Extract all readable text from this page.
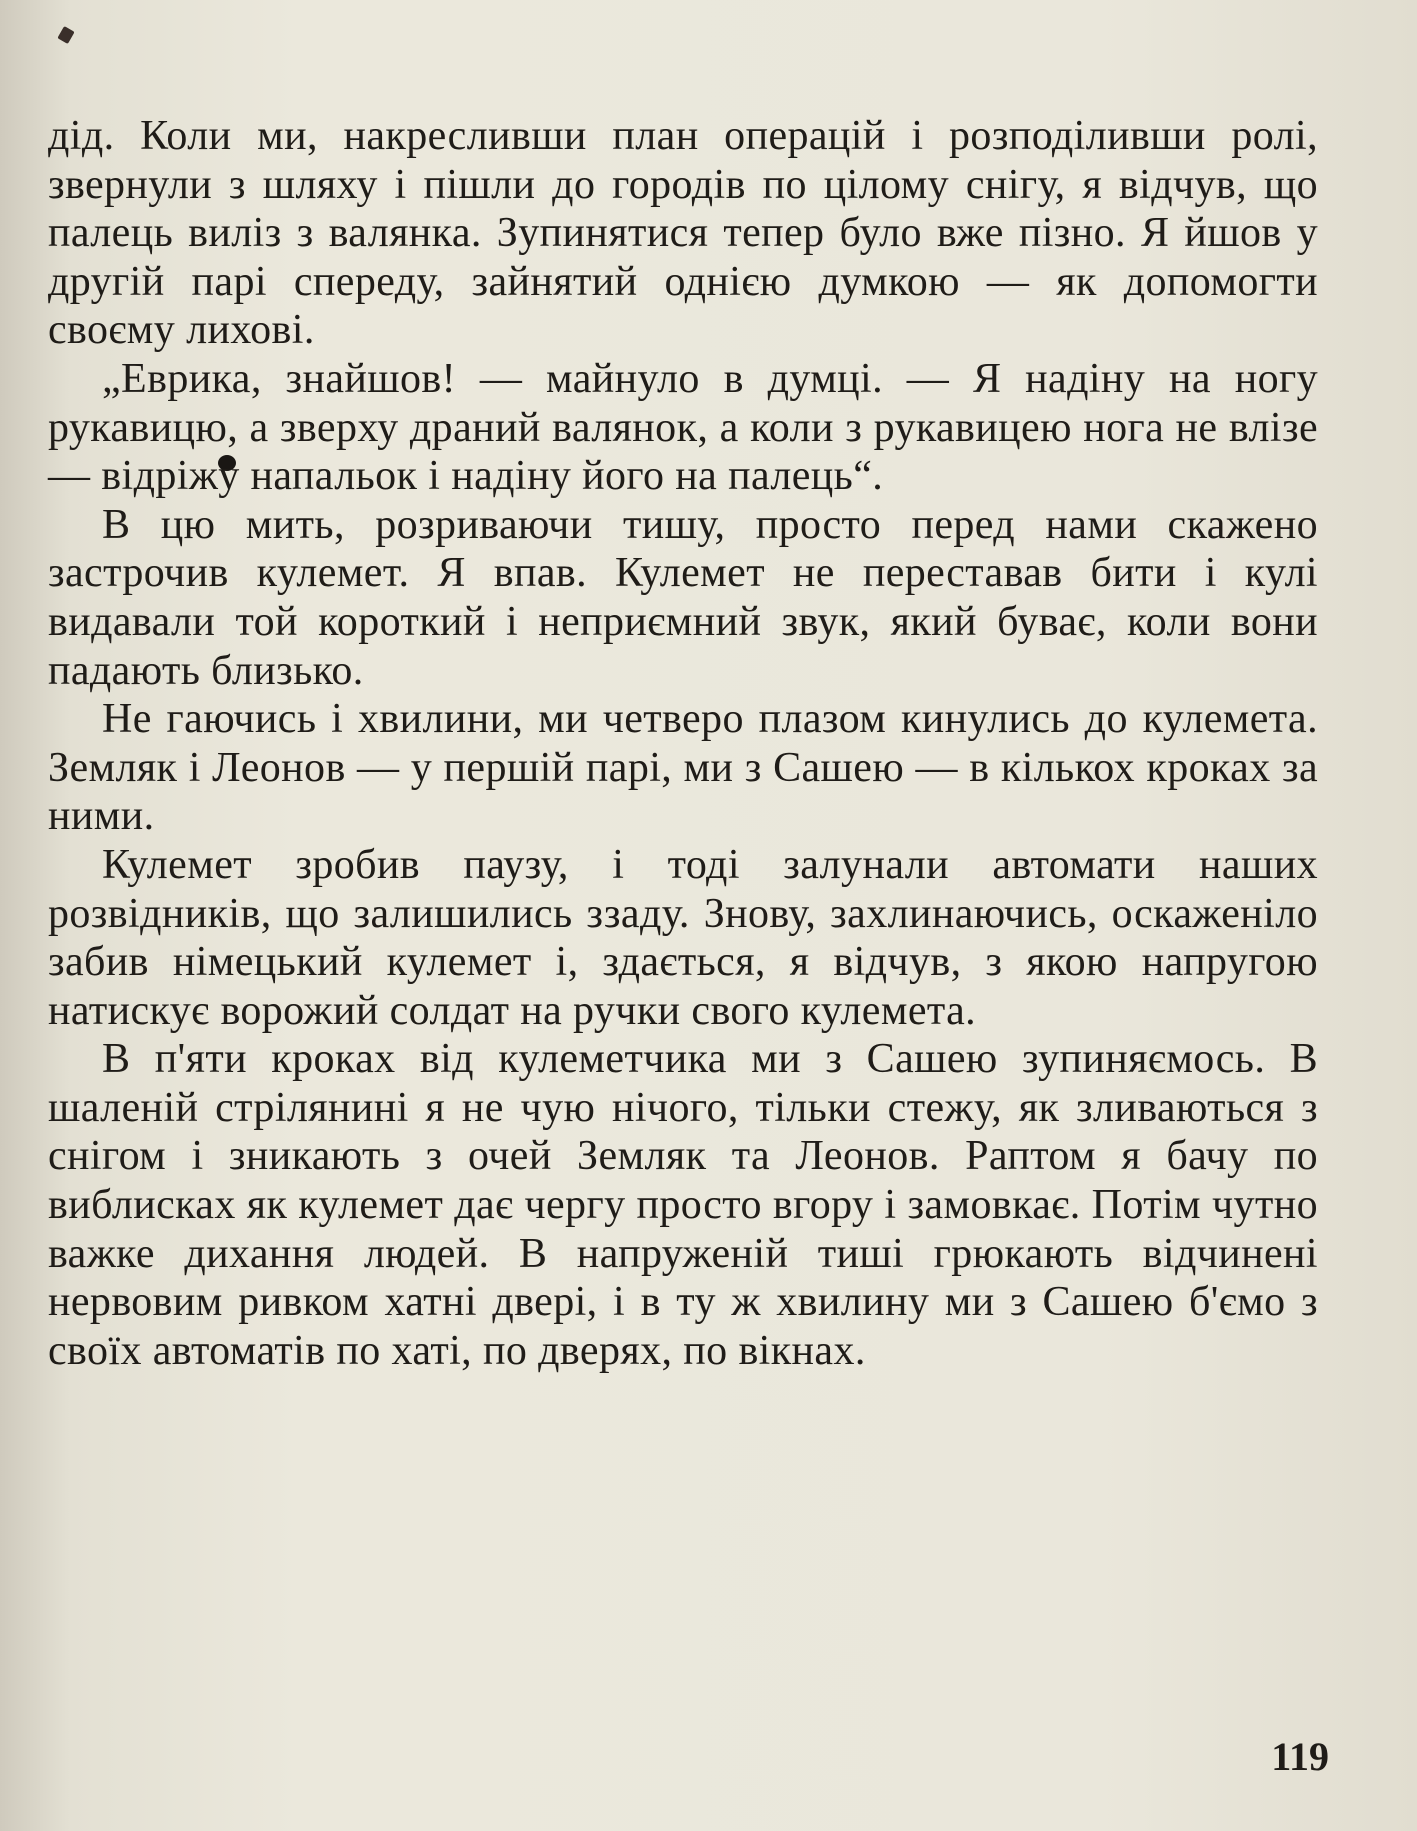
дід. Коли ми, накресливши план операцій і розподіливши ролі, звернули з шляху і пішли до городів по цілому снігу, я відчув, що палець виліз з валянка. Зупинятися тепер було вже пізно. Я йшов у другій парі спереду, зайнятий однією думкою — як допомогти своєму лихові.

„Еврика, знайшов! — майнуло в думці. — Я надіну на ногу рукавицю, а зверху драний валянок, а коли з рукавицею нога не влізе — відріжу напальок і надіну його на палець“.

В цю мить, розриваючи тишу, просто перед нами скажено застрочив кулемет. Я впав. Кулемет не переставав бити і кулі видавали той короткий і неприємний звук, який буває, коли вони падають близько.

Не гаючись і хвилини, ми четверо плазом кинулись до кулемета. Земляк і Леонов — у першій парі, ми з Сашею — в кількох кроках за ними.

Кулемет зробив паузу, і тоді залунали автомати наших розвідників, що залишились ззаду. Знову, захлинаючись, оскаженіло забив німецький кулемет і, здається, я відчув, з якою напругою натискує ворожий солдат на ручки свого кулемета.

В п'яти кроках від кулеметчика ми з Сашею зупиняємось. В шаленій стрілянині я не чую нічого, тільки стежу, як зливаються з снігом і зникають з очей Земляк та Леонов. Раптом я бачу по виблисках як кулемет дає чергу просто вгору і замовкає. Потім чутно важке дихання людей. В напруженій тиші грюкають відчинені нервовим ривком хатні двері, і в ту ж хвилину ми з Сашею б'ємо з своїх автоматів по хаті, по дверях, по вікнах.

119
